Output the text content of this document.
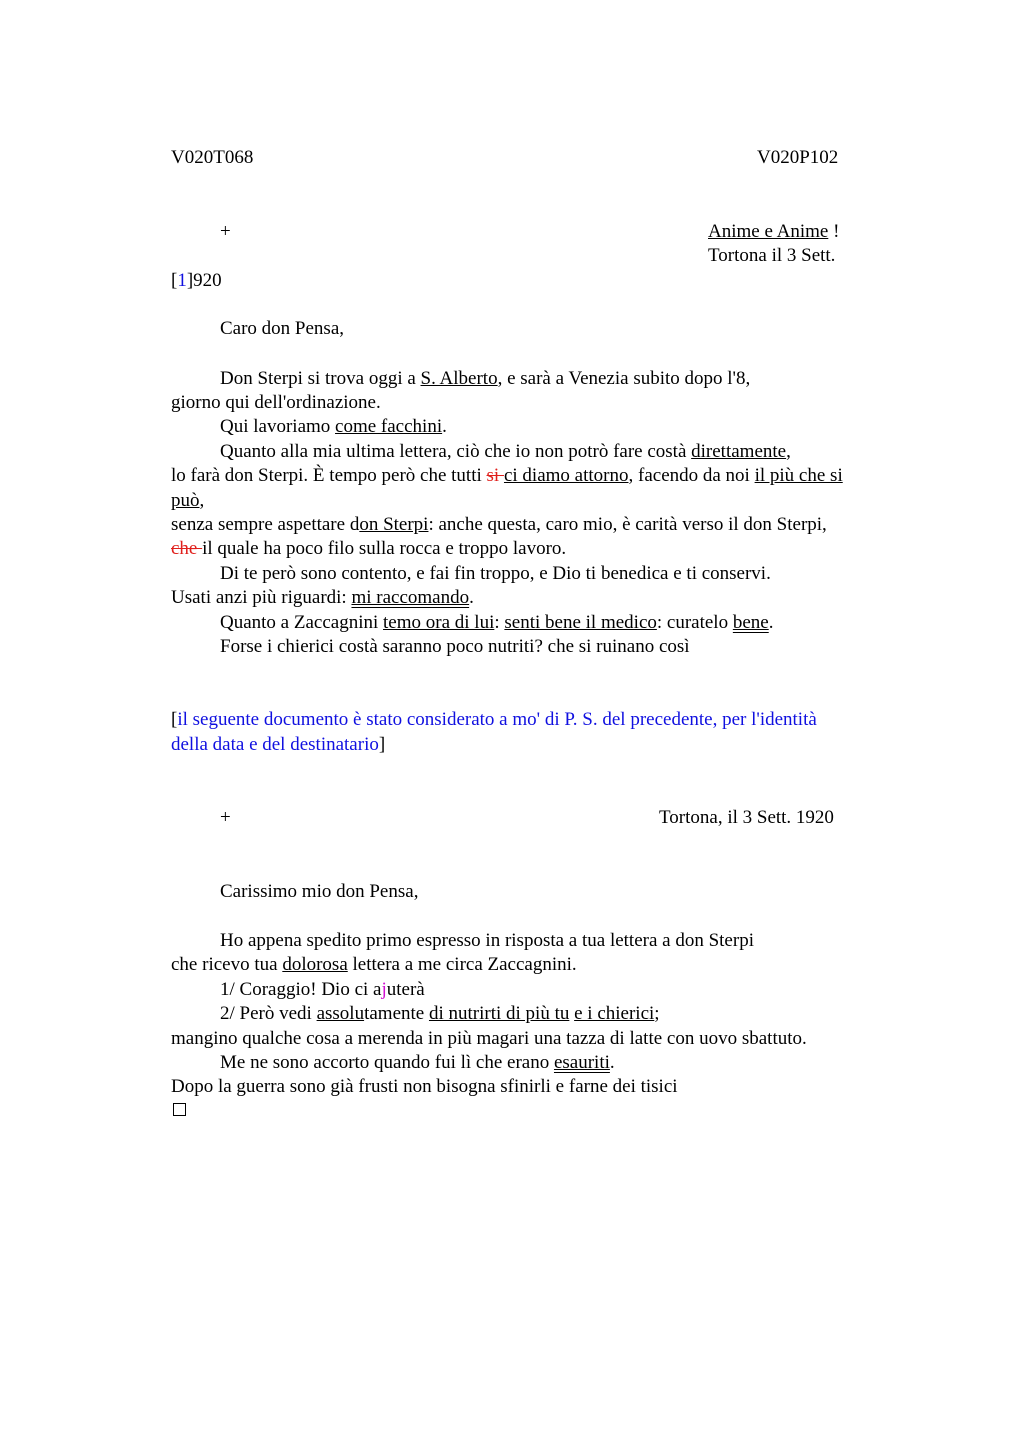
V020T068	V020P102
+	Anime e Anime !
Tortona il 3 Sett.
[1]920
Caro don Pensa,
Don Sterpi si trova oggi a S. Alberto, e sarà a Venezia subito dopo l'8,
giorno qui dell'ordinazione.
Qui lavoriamo come facchini.
Quanto alla mia ultima lettera, ciò che io non potrò fare costà direttamente,
lo farà don Sterpi. È tempo però che tutti si ci diamo attorno, facendo da noi il più che si
può,
senza sempre aspettare don Sterpi: anche questa, caro mio, è carità verso il don Sterpi,
che il quale ha poco filo sulla rocca e troppo lavoro.
Di te però sono contento, e fai fin troppo, e Dio ti benedica e ti conservi.
Usati anzi più riguardi: mi raccomando.
Quanto a Zaccagnini temo ora di lui: senti bene il medico: curatelo bene.
Forse i chierici costà saranno poco nutriti? che si ruinano così
[il seguente documento è stato considerato a mo' di P. S. del precedente, per l'identità
della data e del destinatario]
+	Tortona, il 3 Sett. 1920
Carissimo mio don Pensa,
Ho appena spedito primo espresso in risposta a tua lettera a don Sterpi
che ricevo tua dolorosa lettera a me circa Zaccagnini.
1/ Coraggio! Dio ci ajuterà
2/ Però vedi assolutamente di nutrirti di più tu e i chierici;
mangino qualche cosa a merenda in più magari una tazza di latte con uovo sbattuto.
Me ne sono accorto quando fui lì che erano esauriti.
Dopo la guerra sono già frusti non bisogna sfinirli e farne dei tisici
